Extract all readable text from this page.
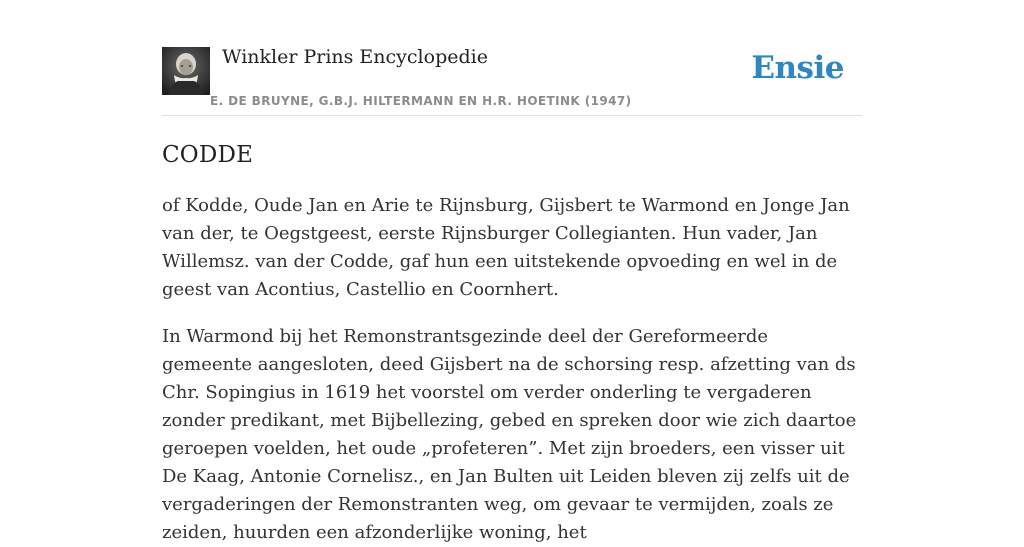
Winkler Prins Encyclopedie
E. DE BRUYNE, G.B.J. HILTERMANN EN H.R. HOETINK (1947)
Ensie
CODDE

of Kodde, Oude Jan en Arie te Rijnsburg, Gijsbert te Warmond en Jonge Jan van der, te Oegstgeest, eerste Rijnsburger Collegianten. Hun vader, Jan Willemsz. van der Codde, gaf hun een uitstekende opvoeding en wel in de geest van Acontius, Castellio en Coornhert.

In Warmond bij het Remonstrantsgezinde deel der Gereformeerde gemeente aangesloten, deed Gijsbert na de schorsing resp. afzetting van ds Chr. Sopingius in 1619 het voorstel om verder onderling te vergaderen zonder predikant, met Bijbellezing, gebed en spreken door wie zich daartoe geroepen voelden, het oude „profeteren”. Met zijn broeders, een visser uit De Kaag, Antonie Cornelisz., en Jan Bulten uit Leiden bleven zij zelfs uit de vergaderingen der Remonstranten weg, om gevaar te vermijden, zoals ze zeiden, huurden een afzonderlijke woning, het
